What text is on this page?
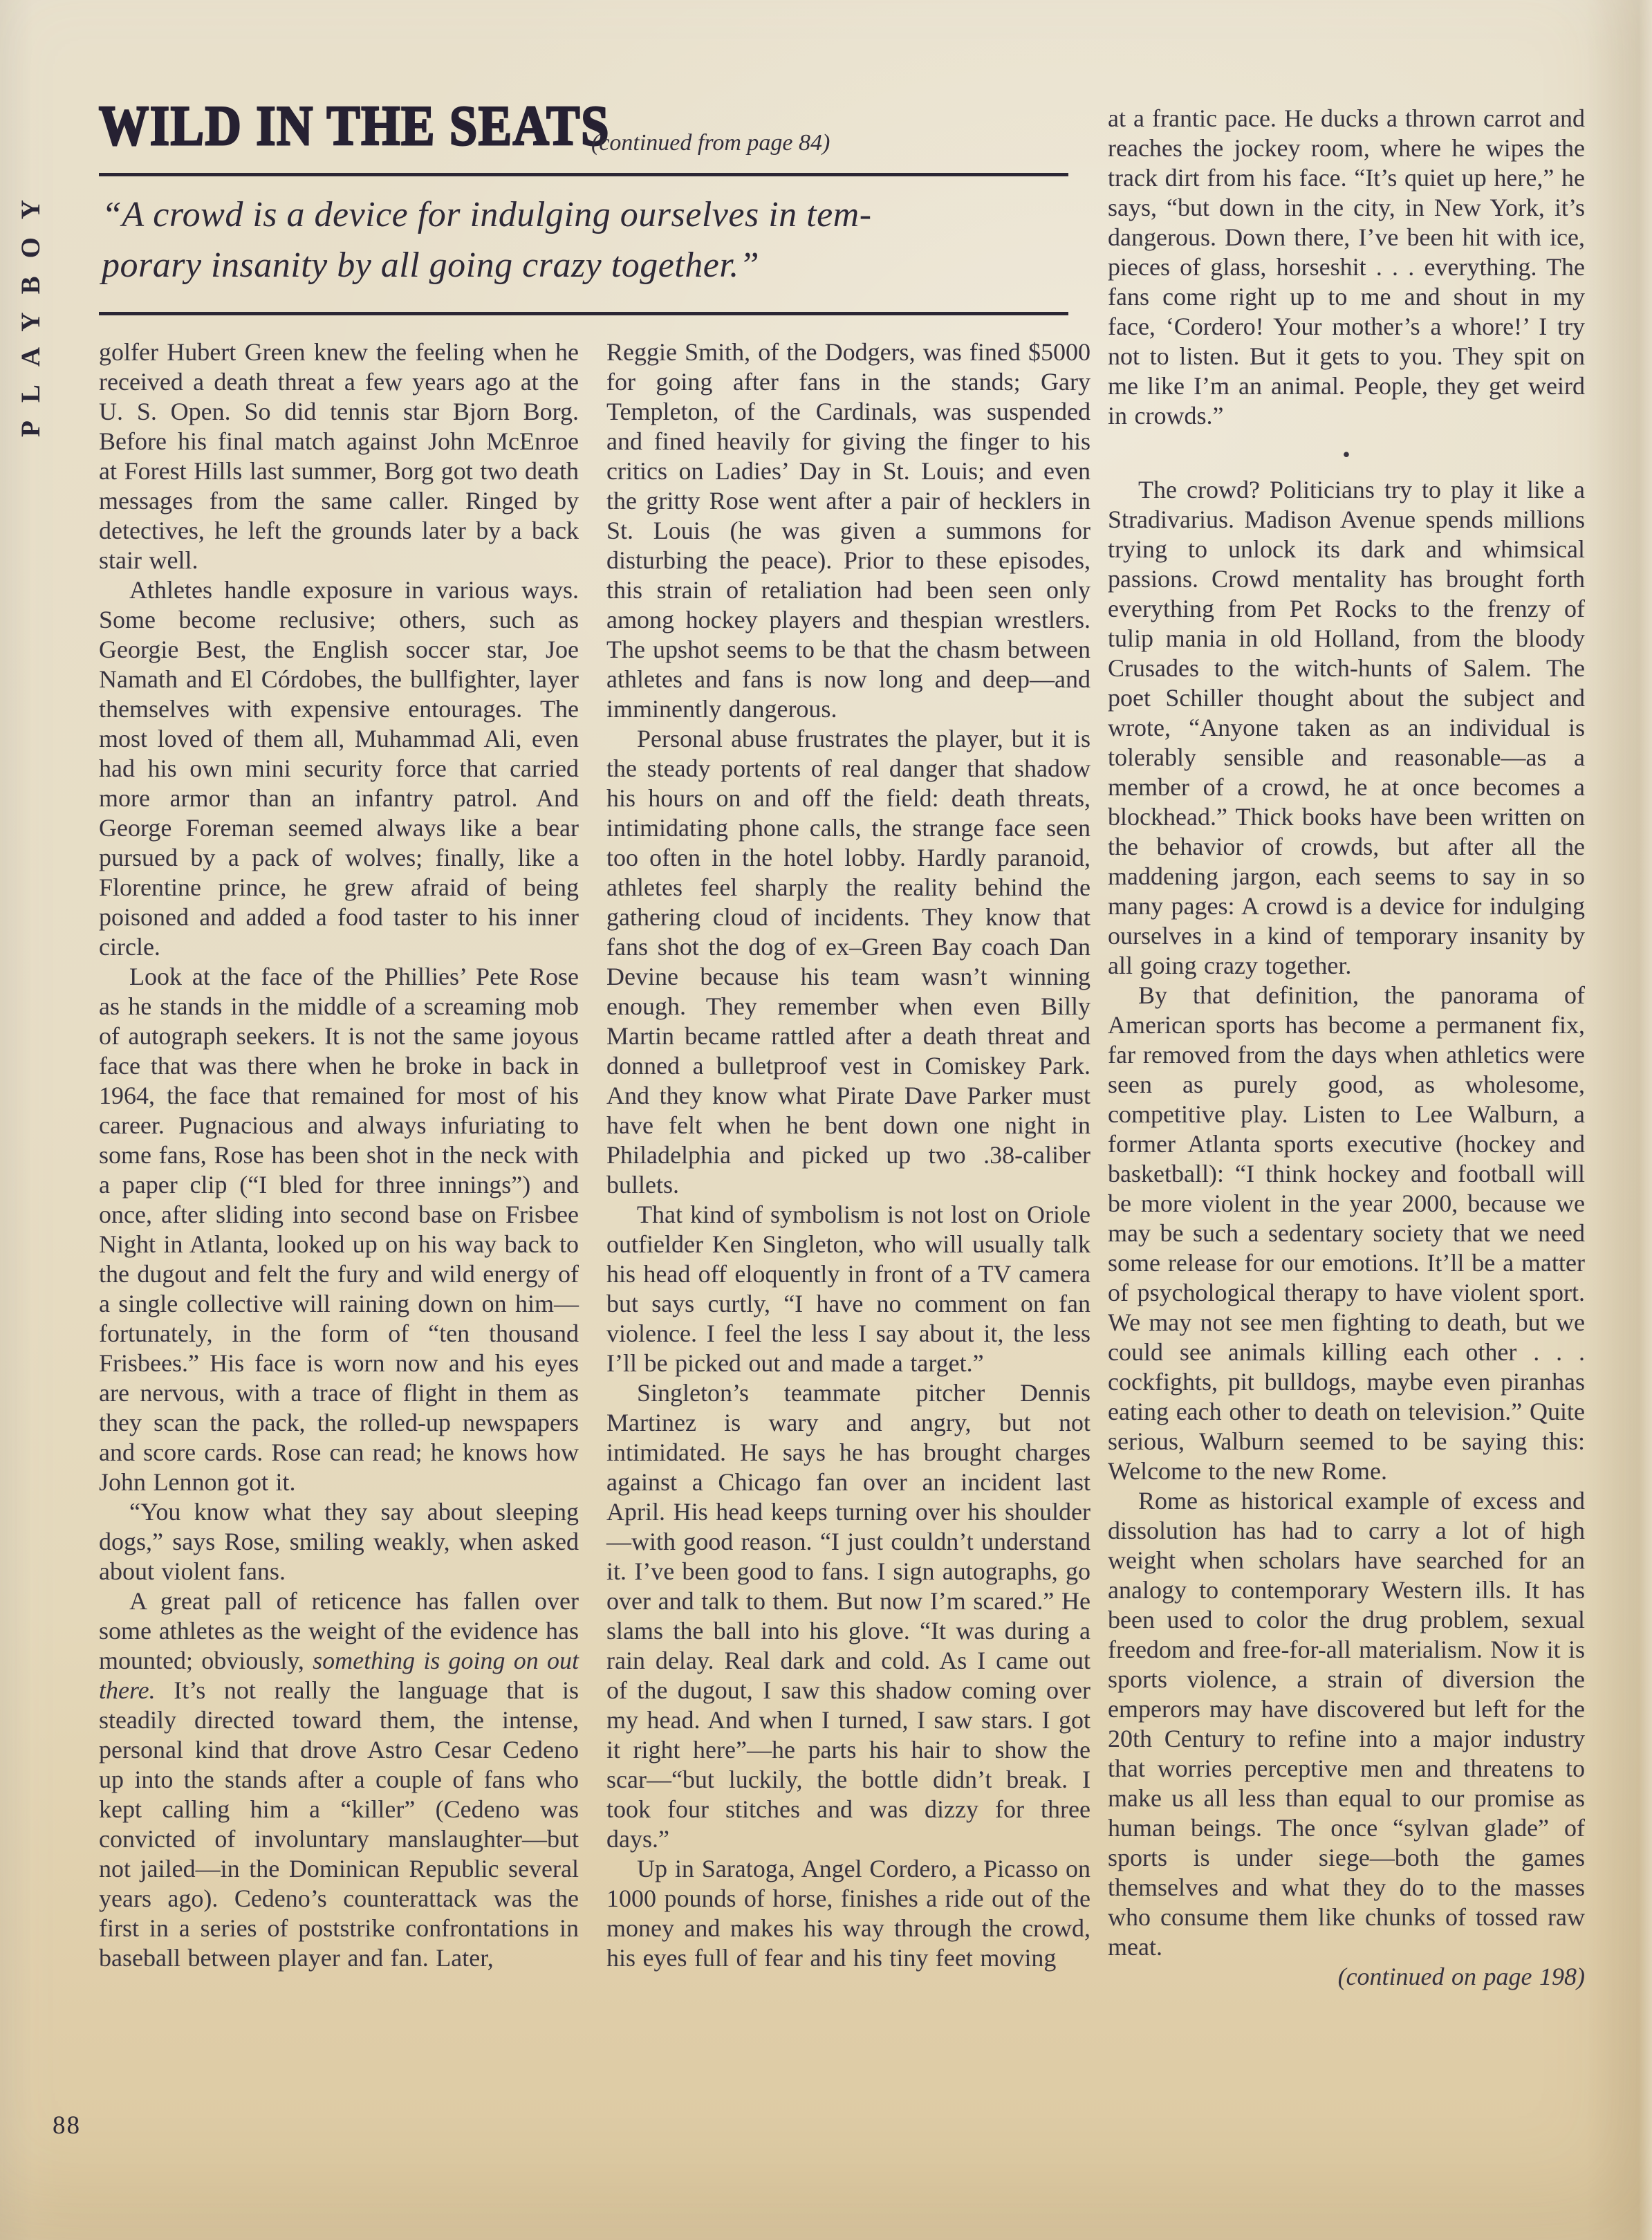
PLAYBOY
WILD IN THE SEATS
(continued from page 84)
“A crowd is a device for indulging ourselves in tem-
porary insanity by all going crazy together.”

golfer Hubert Green knew the feeling when he received a death threat a few years ago at the U. S. Open. So did tennis star Bjorn Borg. Before his final match against John McEnroe at Forest Hills last summer, Borg got two death messages from the same caller. Ringed by detectives, he left the grounds later by a back stair well.

Athletes handle exposure in various ways. Some become reclusive; others, such as Georgie Best, the English soccer star, Joe Namath and El Córdobes, the bullfighter, layer themselves with expensive entourages. The most loved of them all, Muhammad Ali, even had his own mini security force that carried more armor than an infantry patrol. And George Foreman seemed always like a bear pursued by a pack of wolves; finally, like a Florentine prince, he grew afraid of being poisoned and added a food taster to his inner circle.

Look at the face of the Phillies’ Pete Rose as he stands in the middle of a screaming mob of autograph seekers. It is not the same joyous face that was there when he broke in back in 1964, the face that remained for most of his career. Pugnacious and always infuriating to some fans, Rose has been shot in the neck with a paper clip (“I bled for three innings”) and once, after sliding into second base on Frisbee Night in Atlanta, looked up on his way back to the dugout and felt the fury and wild energy of a single collective will raining down on him—fortunately, in the form of “ten thousand Frisbees.” His face is worn now and his eyes are nervous, with a trace of flight in them as they scan the pack, the rolled-up newspapers and score cards. Rose can read; he knows how John Lennon got it.

“You know what they say about sleeping dogs,” says Rose, smiling weakly, when asked about violent fans.

A great pall of reticence has fallen over some athletes as the weight of the evidence has mounted; obviously, something is going on out there. It’s not really the language that is steadily directed toward them, the intense, personal kind that drove Astro Cesar Cedeno up into the stands after a couple of fans who kept calling him a “killer” (Cedeno was convicted of involuntary manslaughter—but not jailed—in the Dominican Republic several years ago). Cedeno’s counterattack was the first in a series of poststrike confrontations in baseball between player and fan. Later,

Reggie Smith, of the Dodgers, was fined $5000 for going after fans in the stands; Gary Templeton, of the Cardinals, was suspended and fined heavily for giving the finger to his critics on Ladies’ Day in St. Louis; and even the gritty Rose went after a pair of hecklers in St. Louis (he was given a summons for disturbing the peace). Prior to these episodes, this strain of retaliation had been seen only among hockey players and thespian wrestlers. The upshot seems to be that the chasm between athletes and fans is now long and deep—and imminently dangerous.

Personal abuse frustrates the player, but it is the steady portents of real danger that shadow his hours on and off the field: death threats, intimidating phone calls, the strange face seen too often in the hotel lobby. Hardly paranoid, athletes feel sharply the reality behind the gathering cloud of incidents. They know that fans shot the dog of ex–Green Bay coach Dan Devine because his team wasn’t winning enough. They remember when even Billy Martin became rattled after a death threat and donned a bulletproof vest in Comiskey Park. And they know what Pirate Dave Parker must have felt when he bent down one night in Philadelphia and picked up two .38-caliber bullets.

That kind of symbolism is not lost on Oriole outfielder Ken Singleton, who will usually talk his head off eloquently in front of a TV camera but says curtly, “I have no comment on fan violence. I feel the less I say about it, the less I’ll be picked out and made a target.”

Singleton’s teammate pitcher Dennis Martinez is wary and angry, but not intimidated. He says he has brought charges against a Chicago fan over an incident last April. His head keeps turning over his shoulder—with good reason. “I just couldn’t understand it. I’ve been good to fans. I sign autographs, go over and talk to them. But now I’m scared.” He slams the ball into his glove. “It was during a rain delay. Real dark and cold. As I came out of the dugout, I saw this shadow coming over my head. And when I turned, I saw stars. I got it right here”—he parts his hair to show the scar—“but luckily, the bottle didn’t break. I took four stitches and was dizzy for three days.”

Up in Saratoga, Angel Cordero, a Picasso on 1000 pounds of horse, finishes a ride out of the money and makes his way through the crowd, his eyes full of fear and his tiny feet moving

at a frantic pace. He ducks a thrown carrot and reaches the jockey room, where he wipes the track dirt from his face. “It’s quiet up here,” he says, “but down in the city, in New York, it’s dangerous. Down there, I’ve been hit with ice, pieces of glass, horseshit . . . everything. The fans come right up to me and shout in my face, ‘Cordero! Your mother’s a whore!’ I try not to listen. But it gets to you. They spit on me like I’m an animal. People, they get weird in crowds.”

•

The crowd? Politicians try to play it like a Stradivarius. Madison Avenue spends millions trying to unlock its dark and whimsical passions. Crowd mentality has brought forth everything from Pet Rocks to the frenzy of tulip mania in old Holland, from the bloody Crusades to the witch-hunts of Salem. The poet Schiller thought about the subject and wrote, “Anyone taken as an individual is tolerably sensible and reasonable—as a member of a crowd, he at once becomes a blockhead.” Thick books have been written on the behavior of crowds, but after all the maddening jargon, each seems to say in so many pages: A crowd is a device for indulging ourselves in a kind of temporary insanity by all going crazy together.

By that definition, the panorama of American sports has become a permanent fix, far removed from the days when athletics were seen as purely good, as wholesome, competitive play. Listen to Lee Walburn, a former Atlanta sports executive (hockey and basketball): “I think hockey and football will be more violent in the year 2000, because we may be such a sedentary society that we need some release for our emotions. It’ll be a matter of psychological therapy to have violent sport. We may not see men fighting to death, but we could see animals killing each other . . . cockfights, pit bulldogs, maybe even piranhas eating each other to death on television.” Quite serious, Walburn seemed to be saying this: Welcome to the new Rome.

Rome as historical example of excess and dissolution has had to carry a lot of high weight when scholars have searched for an analogy to contemporary Western ills. It has been used to color the drug problem, sexual freedom and free-for-all materialism. Now it is sports violence, a strain of diversion the emperors may have discovered but left for the 20th Century to refine into a major industry that worries perceptive men and threatens to make us all less than equal to our promise as human beings. The once “sylvan glade” of sports is under siege—both the games themselves and what they do to the masses who consume them like chunks of tossed raw meat.

(continued on page 198)

88
